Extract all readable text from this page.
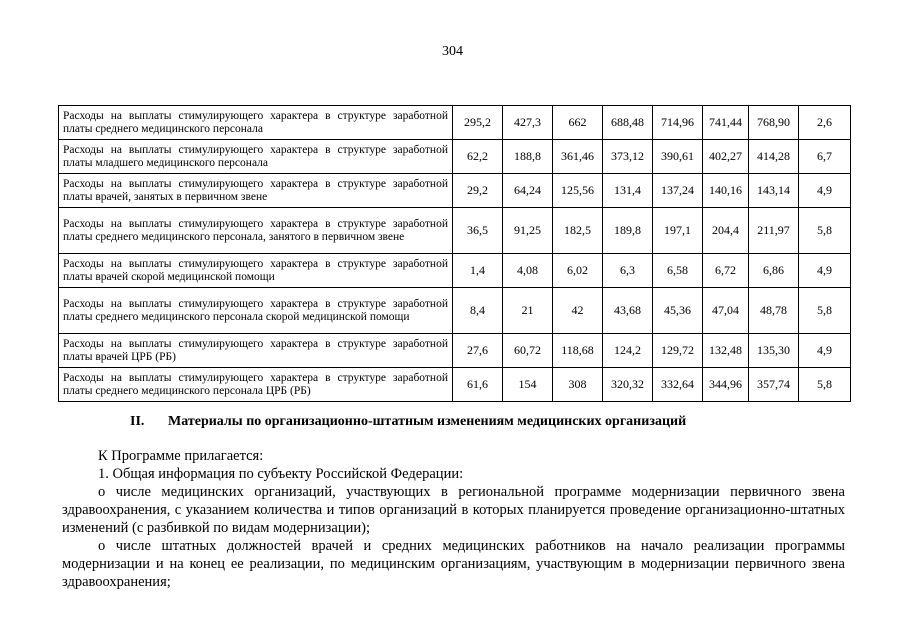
304
Расходы на выплаты стимулирующего характера в структуре заработной платы среднего медицинского персонала	295,2	427,3	662	688,48	714,96	741,44	768,90	2,6
Расходы на выплаты стимулирующего характера в структуре заработной платы младшего медицинского персонала	62,2	188,8	361,46	373,12	390,61	402,27	414,28	6,7
Расходы на выплаты стимулирующего характера в структуре заработной платы врачей, занятых в первичном звене	29,2	64,24	125,56	131,4	137,24	140,16	143,14	4,9
Расходы на выплаты стимулирующего характера в структуре заработной платы среднего медицинского персонала, занятого в первичном звене	36,5	91,25	182,5	189,8	197,1	204,4	211,97	5,8
Расходы на выплаты стимулирующего характера в структуре заработной платы врачей скорой медицинской помощи	1,4	4,08	6,02	6,3	6,58	6,72	6,86	4,9
Расходы на выплаты стимулирующего характера в структуре заработной платы среднего медицинского персонала скорой медицинской помощи	8,4	21	42	43,68	45,36	47,04	48,78	5,8
Расходы на выплаты стимулирующего характера в структуре заработной платы врачей ЦРБ (РБ)	27,6	60,72	118,68	124,2	129,72	132,48	135,30	4,9
Расходы на выплаты стимулирующего характера в структуре заработной платы среднего медицинского персонала ЦРБ (РБ)	61,6	154	308	320,32	332,64	344,96	357,74	5,8
II. Материалы по организационно-штатным изменениям медицинских организаций

К Программе прилагается:

1. Общая информация по субъекту Российской Федерации:

о числе медицинских организаций, участвующих в региональной программе модернизации первичного звена здравоохранения, с указанием количества и типов организаций в которых планируется проведение организационно-штатных изменений (с разбивкой по видам модернизации);

о числе штатных должностей врачей и средних медицинских работников на начало реализации программы модернизации и на конец ее реализации, по медицинским организациям, участвующим в модернизации первичного звена здравоохранения;
